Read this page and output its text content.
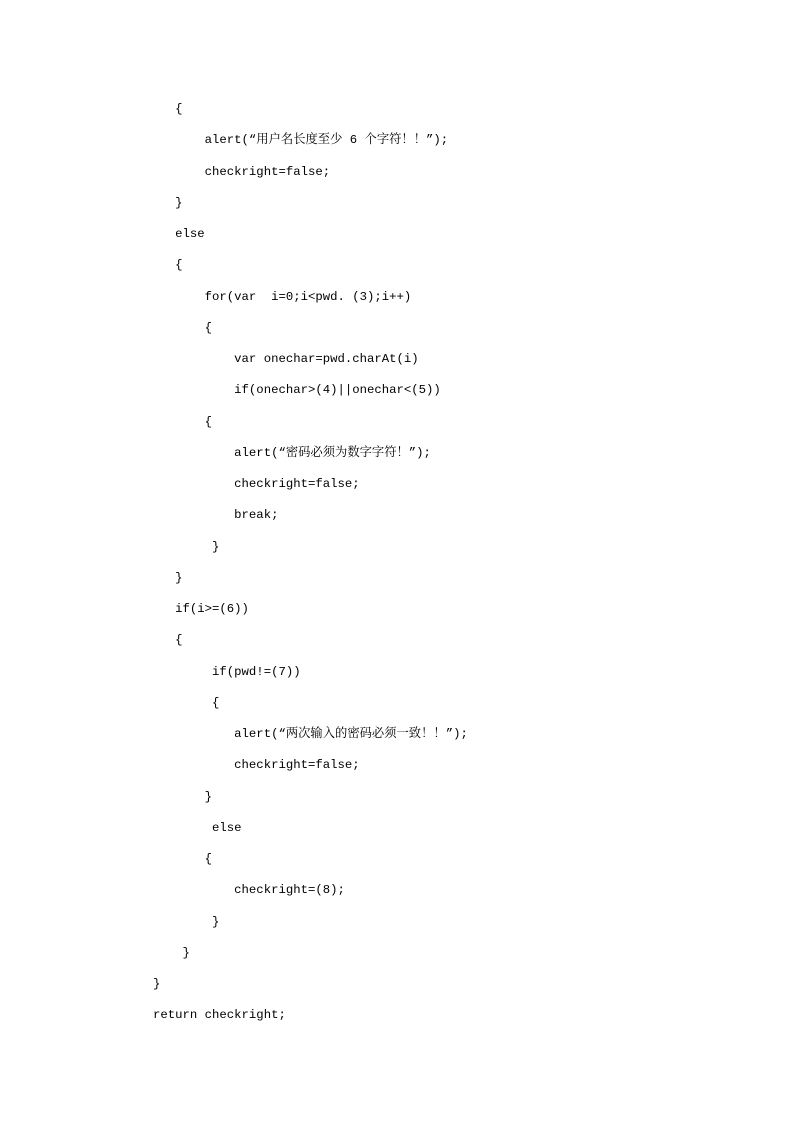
{
alert(“用户名长度至少 6 个字符！！”);
checkright=false;
}
else
{
for(var  i=0;i<pwd. (3);i++)
{
var onechar=pwd.charAt(i)
if(onechar>(4)||onechar<(5))
{
alert(“密码必须为数字字符！”);
checkright=false;
break;
}
}
if(i>=(6))
{
if(pwd!=(7))
{
alert(“两次输入的密码必须一致！！”);
checkright=false;
}
else
{
checkright=(8);
}
}
}
return checkright;
